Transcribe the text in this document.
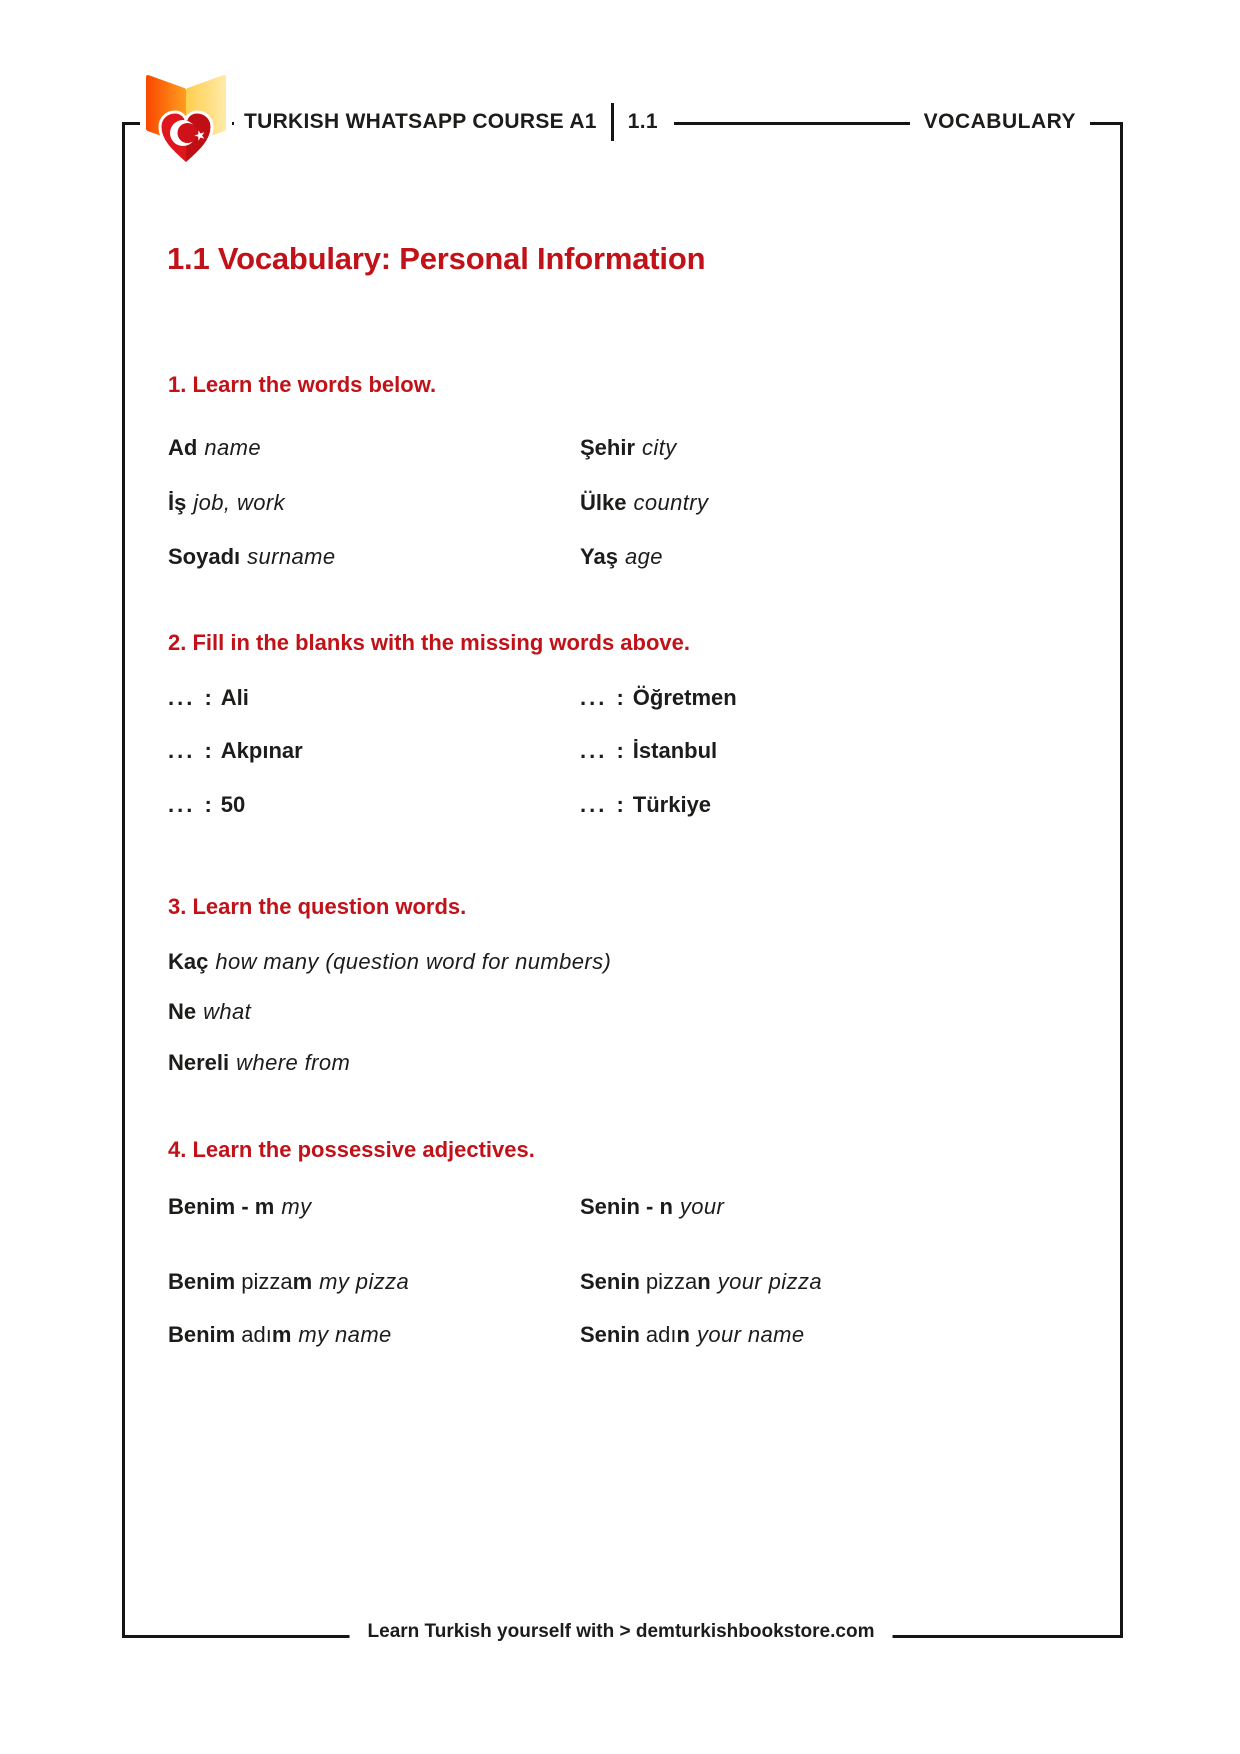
TURKISH WHATSAPP COURSE A1 1.1	VOCABULARY
1.1 Vocabulary: Personal Information
1. Learn the words below.
Ad name	Şehir city
İş job, work	Ülke country
Soyadı surname	Yaş age
2. Fill in the blanks with the missing words above.
... : Ali	... : Öğretmen
... : Akpınar	... : İstanbul
... : 50	... : Türkiye
3. Learn the question words.
Kaç how many (question word for numbers)
Ne what
Nereli where from
4. Learn the possessive adjectives.
Benim - m my	Senin - n your
Benim pizzam my pizza	Senin pizzan your pizza
Benim adım my name	Senin adın your name
Learn Turkish yourself with > demturkishbookstore.com
